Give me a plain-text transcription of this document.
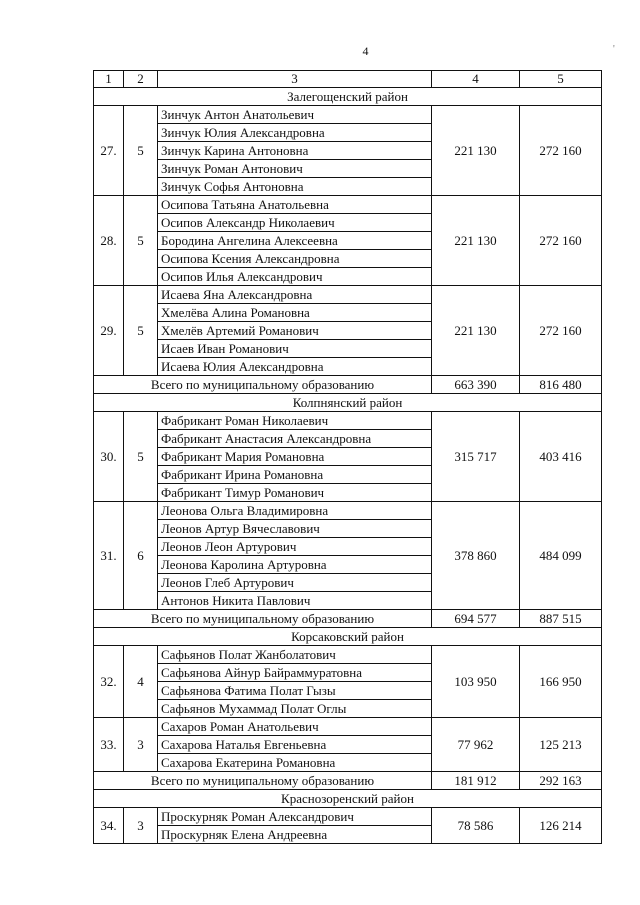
4	'
1	2	3	4	5
Залегощенский район				
27.	5	Зинчук Антон Анатольевич	221 130	272 160
		Зинчук Юлия Александровна		
		Зинчук Карина Антоновна		
		Зинчук Роман Антонович		
		Зинчук Софья Антоновна		
28.	5	Осипова Татьяна Анатольевна	221 130	272 160
		Осипов Александр Николаевич		
		Бородина Ангелина Алексеевна		
		Осипова Ксения Александровна		
		Осипов Илья Александрович		
29.	5	Исаева Яна Александровна	221 130	272 160
		Хмелёва Алина Романовна		
		Хмелёв Артемий Романович		
		Исаев Иван Романович		
		Исаева Юлия Александровна		
Всего по муниципальному образованию			663 390	816 480
Колпнянский район				
30.	5	Фабрикант Роман Николаевич	315 717	403 416
		Фабрикант Анастасия Александровна		
		Фабрикант Мария Романовна		
		Фабрикант Ирина Романовна		
		Фабрикант Тимур Романович		
31.	6	Леонова Ольга Владимировна	378 860	484 099
		Леонов Артур Вячеславович		
		Леонов Леон Артурович		
		Леонова Каролина Артуровна		
		Леонов Глеб Артурович		
		Антонов Никита Павлович		
Всего по муниципальному образованию			694 577	887 515
Корсаковский район				
32.	4	Сафьянов Полат Жанболатович	103 950	166 950
		Сафьянова Айнур Байраммуратовна		
		Сафьянова Фатима Полат Гызы		
		Сафьянов Мухаммад Полат Оглы		
33.	3	Сахаров Роман Анатольевич	77 962	125 213
		Сахарова Наталья Евгеньевна		
		Сахарова Екатерина Романовна		
Всего по муниципальному образованию			181 912	292 163
Краснозоренский район				
34.	3	Проскурняк Роман Александрович	78 586	126 214
		Проскурняк Елена Андреевна		
